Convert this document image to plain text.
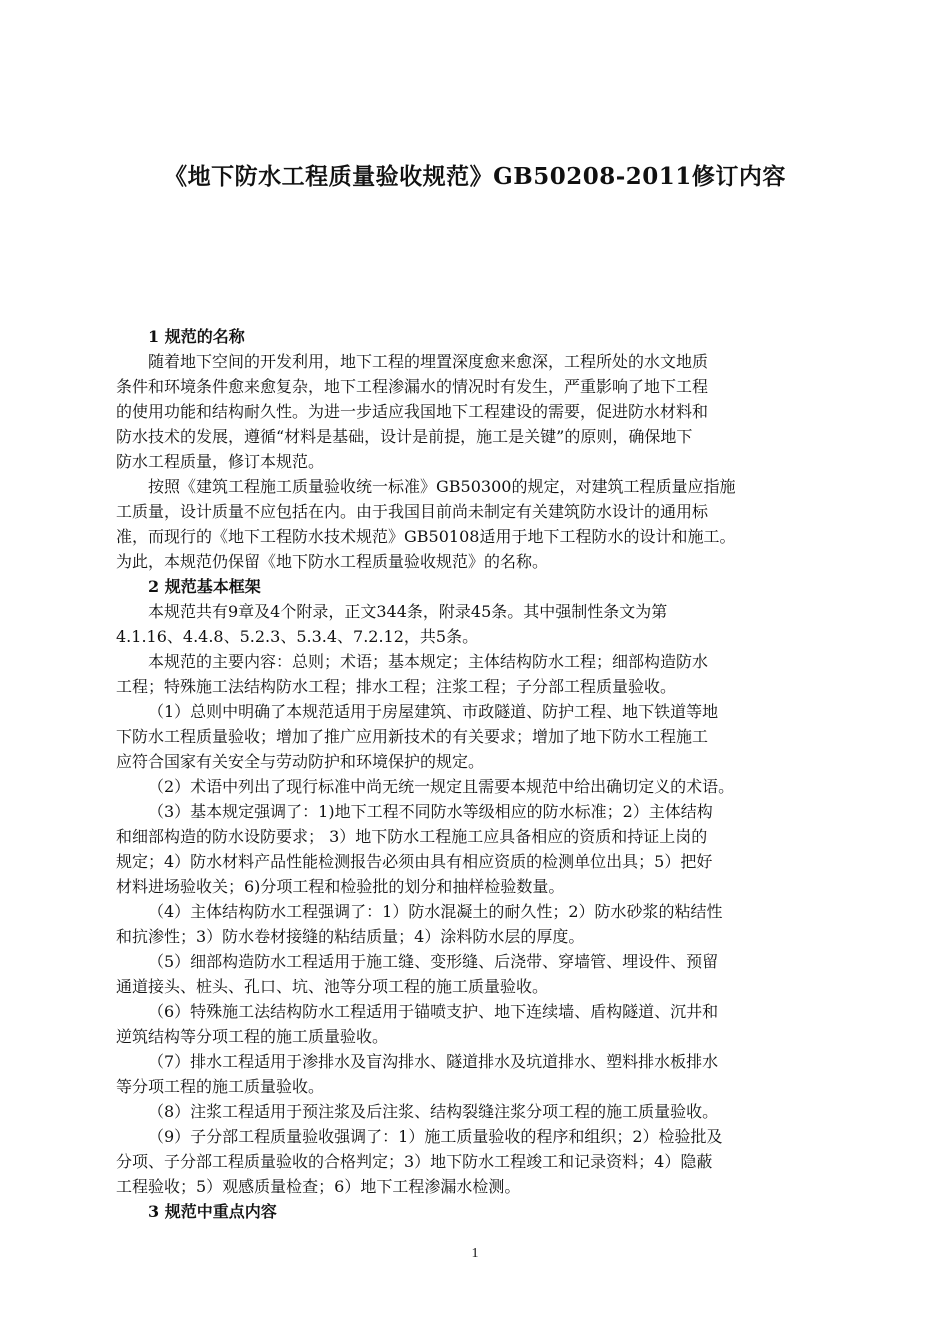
《地下防水工程质量验收规范》GB50208-2011修订内容
1 规范的名称
随着地下空间的开发利用，地下工程的埋置深度愈来愈深，工程所处的水文地质
条件和环境条件愈来愈复杂，地下工程渗漏水的情况时有发生，严重影响了地下工程
的使用功能和结构耐久性。为进一步适应我国地下工程建设的需要，促进防水材料和
防水技术的发展，遵循“材料是基础，设计是前提，施工是关键”的原则，确保地下
防水工程质量，修订本规范。
按照《建筑工程施工质量验收统一标准》GB50300的规定，对建筑工程质量应指施
工质量，设计质量不应包括在内。由于我国目前尚未制定有关建筑防水设计的通用标
准，而现行的《地下工程防水技术规范》GB50108适用于地下工程防水的设计和施工。
为此，本规范仍保留《地下防水工程质量验收规范》的名称。
2 规范基本框架
本规范共有9章及4个附录，正文344条，附录45条。其中强制性条文为第
4.1.16、4.4.8、5.2.3、5.3.4、7.2.12，共5条。
本规范的主要内容：总则；术语；基本规定；主体结构防水工程；细部构造防水
工程；特殊施工法结构防水工程；排水工程；注浆工程；子分部工程质量验收。
（1）总则中明确了本规范适用于房屋建筑、市政隧道、防护工程、地下铁道等地
下防水工程质量验收；增加了推广应用新技术的有关要求；增加了地下防水工程施工
应符合国家有关安全与劳动防护和环境保护的规定。
（2）术语中列出了现行标准中尚无统一规定且需要本规范中给出确切定义的术语。
（3）基本规定强调了：1)地下工程不同防水等级相应的防水标准；2）主体结构
和细部构造的防水设防要求； 3）地下防水工程施工应具备相应的资质和持证上岗的
规定；4）防水材料产品性能检测报告必须由具有相应资质的检测单位出具；5）把好
材料进场验收关；6)分项工程和检验批的划分和抽样检验数量。
（4）主体结构防水工程强调了：1）防水混凝土的耐久性；2）防水砂浆的粘结性
和抗渗性；3）防水卷材接缝的粘结质量；4）涂料防水层的厚度。
（5）细部构造防水工程适用于施工缝、变形缝、后浇带、穿墙管、埋设件、预留
通道接头、桩头、孔口、坑、池等分项工程的施工质量验收。
（6）特殊施工法结构防水工程适用于锚喷支护、地下连续墙、盾构隧道、沉井和
逆筑结构等分项工程的施工质量验收。
（7）排水工程适用于渗排水及盲沟排水、隧道排水及坑道排水、塑料排水板排水
等分项工程的施工质量验收。
（8）注浆工程适用于预注浆及后注浆、结构裂缝注浆分项工程的施工质量验收。
（9）子分部工程质量验收强调了：1）施工质量验收的程序和组织；2）检验批及
分项、子分部工程质量验收的合格判定；3）地下防水工程竣工和记录资料；4）隐蔽
工程验收；5）观感质量检查；6）地下工程渗漏水检测。
3 规范中重点内容
1
